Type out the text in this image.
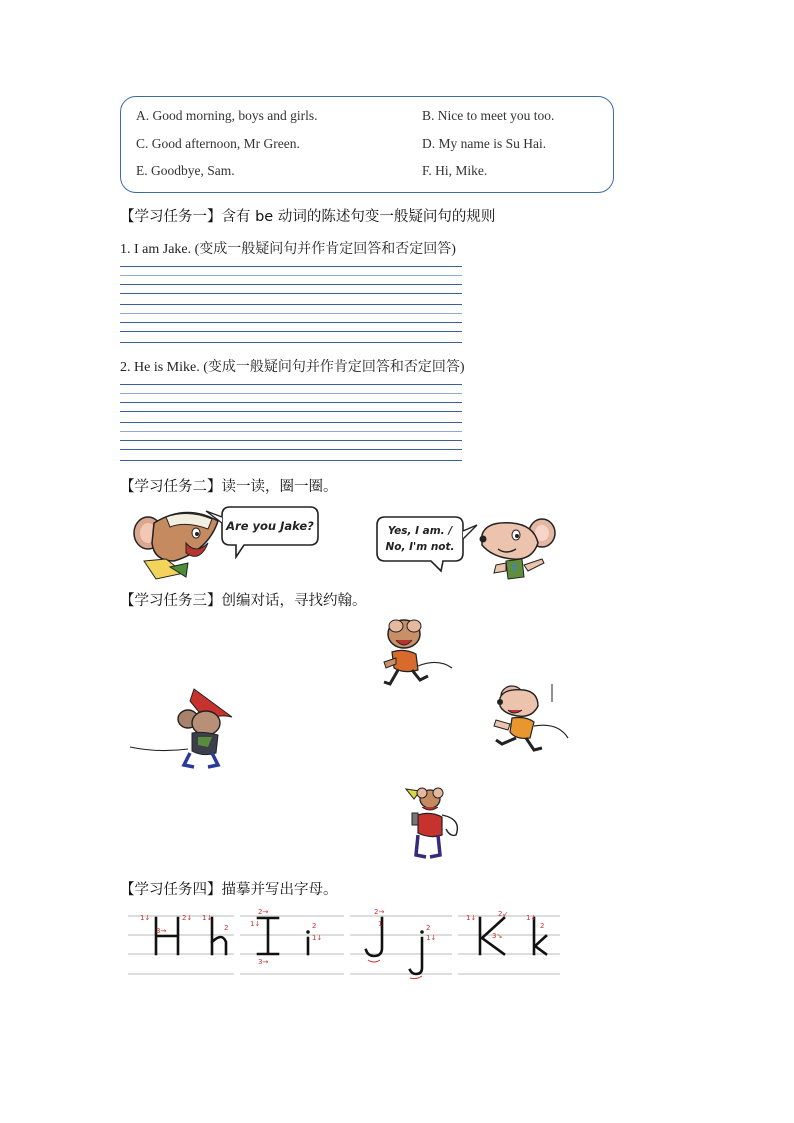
A. Good morning, boys and girls.	B. Nice to meet you too.
C. Good afternoon, Mr Green.	D. My name is Su Hai.
E. Goodbye, Sam.	F. Hi, Mike.
【学习任务一】含有 be 动词的陈述句变一般疑问句的规则
1. I am Jake. (变成一般疑问句并作肯定回答和否定回答)
2. He is Mike. (变成一般疑问句并作肯定回答和否定回答)
【学习任务二】读一读，圈一圈。
Are you Jake?	Yes, I am. /
No, I'm not.
【学习任务三】创编对话，寻找约翰。
【学习任务四】描摹并写出字母。
1↓	2↓
3→
1↓
2
2→
1↓
3→
2
1↓
2→
1	2
1↓
1↓	2↙
3↘
1↓
2
